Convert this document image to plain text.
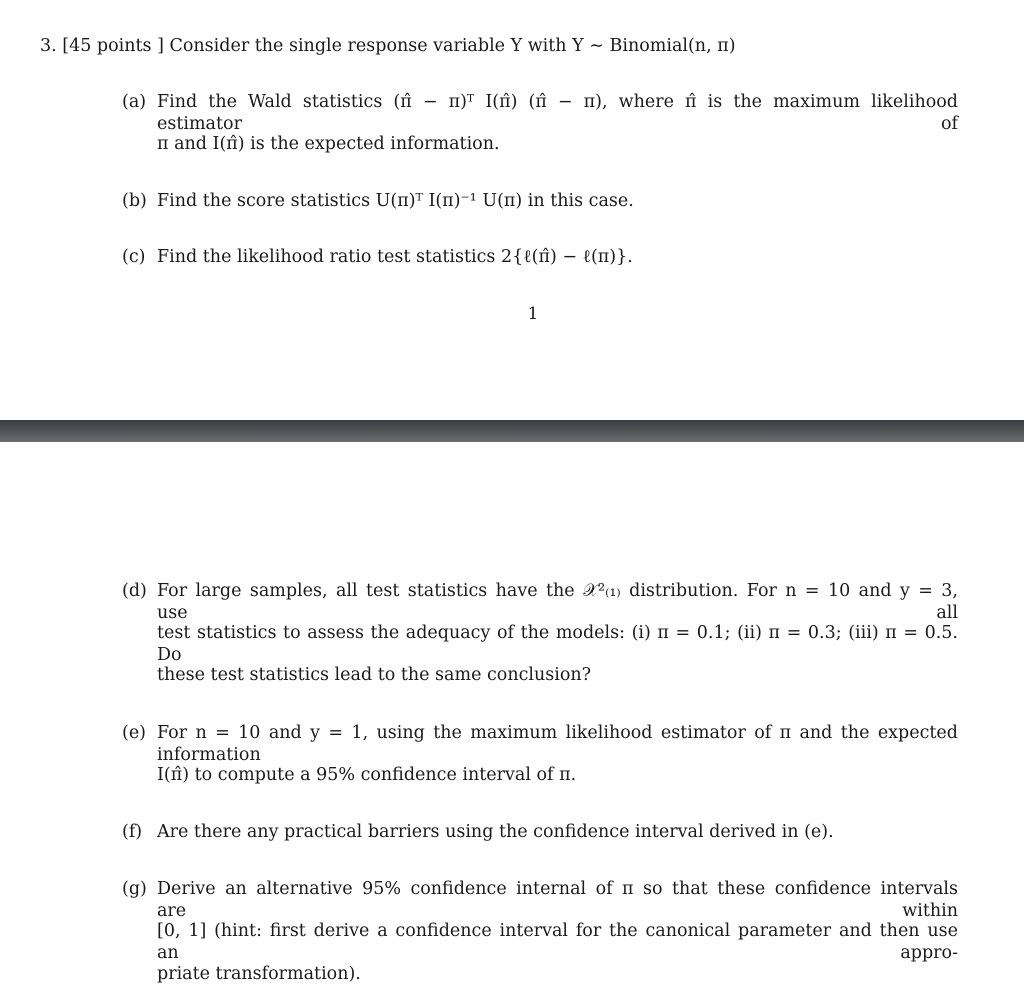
3. [45 points ] Consider the single response variable Y with Y ∼ Binomial(n, π)
(a) Find the Wald statistics (π̂ − π)ᵀ I(π̂) (π̂ − π), where π̂ is the maximum likelihood estimator of
π and I(π̂) is the expected information.
(b) Find the score statistics U(π)ᵀ I(π)⁻¹ U(π) in this case.
(c) Find the likelihood ratio test statistics 2{ℓ(π̂) − ℓ(π)}.
1
(d) For large samples, all test statistics have the 𝒳²₍₁₎ distribution. For n = 10 and y = 3, use all
test statistics to assess the adequacy of the models: (i) π = 0.1; (ii) π = 0.3; (iii) π = 0.5. Do
these test statistics lead to the same conclusion?
(e) For n = 10 and y = 1, using the maximum likelihood estimator of π and the expected information
I(π̂) to compute a 95% confidence interval of π.
(f) Are there any practical barriers using the confidence interval derived in (e).
(g) Derive an alternative 95% confidence internal of π so that these confidence intervals are within
[0, 1] (hint: first derive a confidence interval for the canonical parameter and then use an appro-
priate transformation).
